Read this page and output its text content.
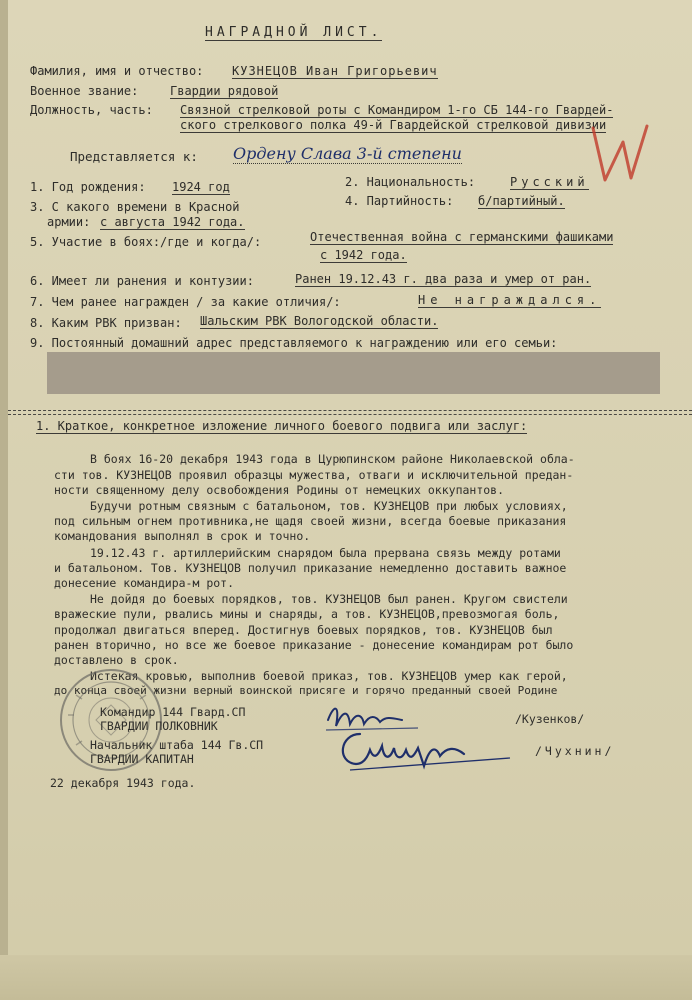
НАГРАДНОЙ ЛИСТ.
Фамилия, имя и отчество: КУЗНЕЦОВ Иван Григорьевич
Военное звание:	Гвардии рядовой
Должность, часть: Связной стрелковой роты с Командиром 1-го СБ 144-го Гвардей-
ского стрелкового полка 49-й Гвардейской стрелковой дивизии
Представляется к: Ордену Слава 3-й степени
1. Год рождения: 1924 год	2. Национальность:	Русский
3. С какого времени в Красной
армии: с августа 1942 года.
4. Партийность: б/партийный.
5. Участие в боях:/где и когда/:	Отечественная война с германскими фашиками
с 1942 года.
6. Имеет ли ранения и контузии:	Ранен 19.12.43 г. два раза и умер от ран.
7. Чем ранее награжден / за какие отличия/:	Не награждался.
8. Каким РВК призван: Шальским РВК Вологодской области.
9. Постоянный домашний адрес представляемого к награждению или его семьи:
1. Краткое, конкретное изложение личного боевого подвига или заслуг:
В боях 16-20 декабря 1943 года в Цурюпинском районе Николаевской обла-
сти тов. КУЗНЕЦОВ проявил образцы мужества, отваги и исключительной предан-
ности священному делу освобождения Родины от немецких оккупантов.
Будучи ротным связным с батальоном, тов. КУЗНЕЦОВ при любых условиях,
под сильным огнем противника,не щадя своей жизни, всегда боевые приказания
командования выполнял в срок и точно.
19.12.43 г. артиллерийским снарядом была прервана связь между ротами
и батальоном. Тов. КУЗНЕЦОВ получил приказание немедленно доставить важное
донесение командира-м рот.
Не дойдя до боевых порядков, тов. КУЗНЕЦОВ был ранен. Кругом свистели
вражеские пули, рвались мины и снаряды, а тов. КУЗНЕЦОВ,превозмогая боль,
продолжал двигаться вперед. Достигнув боевых порядков, тов. КУЗНЕЦОВ был
ранен вторично, но все же боевое приказание - донесение командирам рот было
доставлено в срок.
Истекая кровью, выполнив боевой приказ, тов. КУЗНЕЦОВ умер как герой,
до конца своей жизни верный воинской присяге и горячо преданный своей Родине
Командир 144 Гвард.СП
ГВАРДИИ ПОЛКОВНИК	/Кузенков/
Начальник штаба 144 Гв.СП
ГВАРДИИ КАПИТАН
/Чухнин/
22 декабря 1943 года.
